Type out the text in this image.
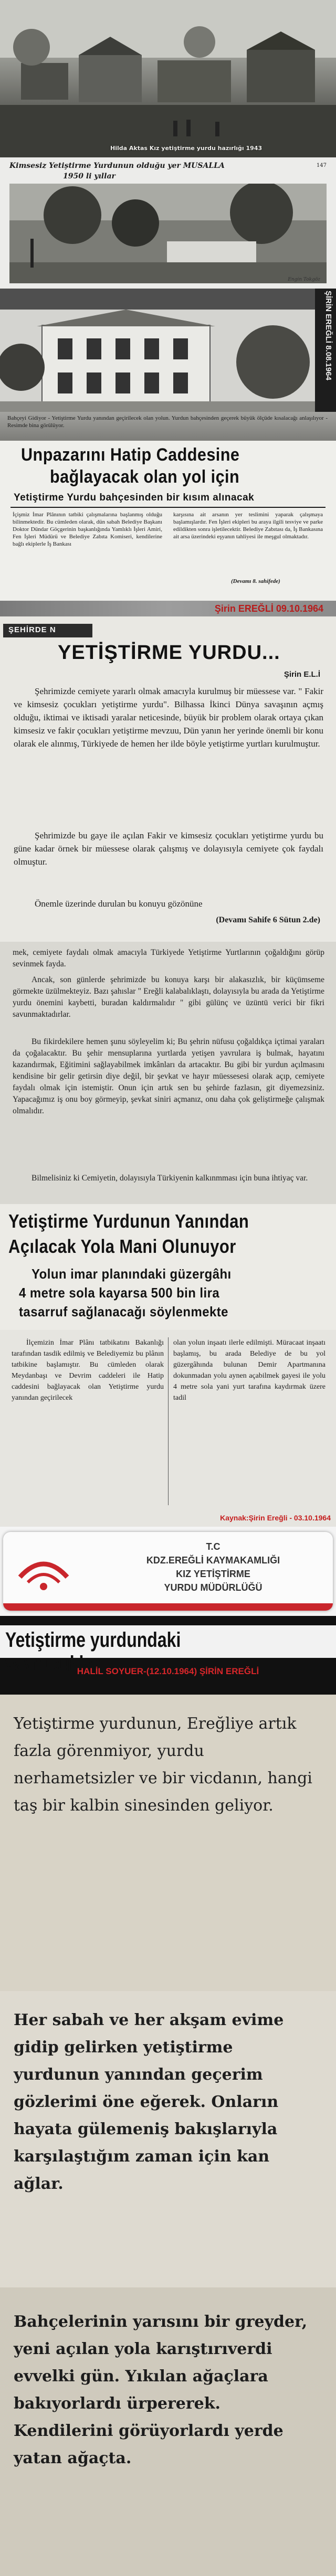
Hilda Aktas Kız yetiştirme yurdu hazırlığı 1943
Kimsesiz Yetiştirme Yurdunun olduğu yer MUSALLA
1950 li yıllar
147
Engin Tokgöz
ŞİRİN EREĞLİ 8.08.1964
Bahçeyi Gidiyor - Yetiştirme Yurdu yanından geçirilecek olan yolun. Yurdun bahçesinden geçerek büyük ölçüde kısalacağı anlaşılıyor - Resimde bina görülüyor.
Unpazarını Hatip Caddesine
bağlayacak olan yol için
Yetiştirme Yurdu bahçesinden bir kısım alınacak
İçişmiz İmar Plânının tatbiki çalışmalarına başlanmış olduğu bilinmektedir. Bu cümleden olarak, dün sabah Belediye Başkanı Doktor Dündar Göçgerinin başkanlığında Yamlıklı İşleri Amiri, Fen İşleri Müdürü ve Belediye Zabıta Komiseri, kendilerine bağlı ekiplerle İş Bankası
karşısına ait arsanın yer teslimini yaparak çalışmaya başlamışlardır. Fen İşleri ekipleri bu araya ilgili tesviye ve parke edildikten sonra işletilecektir. Belediye Zabıtası da, İş Bankasına ait arsa üzerindeki eşyanın tahliyesi ile meşgul olmaktadır.
(Devamı 8. sahifede)
Şirin EREĞLİ 09.10.1964
ŞEHİRDE N
YETİŞTİRME YURDU...
Şirin E.L.İ
Şehrimizde cemiyete yararlı olmak amacıyla kurulmuş bir müessese var. " Fakir ve kimsesiz çocukları yetiştirme yurdu". Bilhassa İkinci Dünya savaşının açmış olduğu, iktimai ve iktisadi yaralar neticesinde, büyük bir problem olarak ortaya çıkan kimsesiz ve fakir çocukları yetiştirme mevzuu, Dün yanın her yerinde önemli bir konu olarak ele alınmış, Türkiyede de hemen her ilde böyle yetiştirme yurtları kurulmuştur.
Şehrimizde bu gaye ile açılan Fakir ve kimsesiz çocukları yetiştirme yurdu bu güne kadar örnek bir müessese olarak çalışmış ve dolayısıyla cemiyete çok faydalı olmuştur.
Önemle üzerinde durulan bu konuyu gözönüne
(Devamı Sahife 6 Sütun 2.de)
mek, cemiyete faydalı olmak amacıyla Türkiyede Yetiştirme Yurtlarının çoğaldığını görüp sevinmek fayda.
Ancak, son günlerde şehrimizde bu konuya karşı bir alakasızlık, bir küçümseme görmekte üzülmekteyiz. Bazı şahıslar " Ereğli kalabalıklaştı, dolayısıyla bu arada da Yetiştirme yurdu önemini kaybetti, buradan kaldırmalıdır " gibi gülünç ve üzüntü verici bir fikri savunmaktadırlar.
Bu fikirdekilere hemen şunu söyleyelim ki; Bu şehrin nüfusu çoğaldıkça içtimai yaraları da çoğalacaktır. Bu şehir mensuplarına yurtlarda yetişen yavrulara iş bulmak, hayatını kazandırmak, Eğitimini sağlayabilmek imkânları da artacaktır. Bu gibi bir yurdun açılmasını kendisine bir gelir getirsin diye değil, bir şevkat ve hayır müessesesi olarak açıp, cemiyete faydalı olmak için istemiştir. Onun için artık sen bu şehirde fazlasın, git diyemezsiniz. Yapacağımız iş onu boy görmeyip, şevkat siniri açmanız, onu daha çok geliştirmeğe çalışmak olmalıdır.
Bilmelisiniz ki Cemiyetin, dolayısıyla Türkiyenin kalkınmması için buna ihtiyaç var.
Yetiştirme Yurdunun Yanından
Açılacak Yola Mani Olunuyor
Yolun imar planındaki güzergâhı
4 metre sola kayarsa 500 bin lira
tasarruf sağlanacağı söylenmekte
İlçemizin İmar Plânı tatbikatını Bakanlığı tarafından tasdik edilmiş ve Belediyemiz bu plânın tatbikine başlamıştır. Bu cümleden olarak Meydanbaşı ve Devrim caddeleri ile Hatip caddesini bağlayacak olan Yetiştirme yurdu yanından geçirilecek
olan yolun inşaatı ilerle edilmişti. Müracaat inşaatı başlamış, bu arada Belediye de bu yol güzergâhında bulunan Demir Apartmanına dokunmadan yolu aynen açabilmek gayesi ile yolu 4 metre sola yani yurt tarafına kaydırmak üzere tadil
Kaynak:Şirin Ereğli - 03.10.1964
T.C
KDZ.EREĞLİ KAYMAKAMLIĞI
KIZ YETİŞTİRME
YURDU MÜDÜRLÜĞÜ
Yetiştirme yurdundaki yavrucuklar
HALİL SOYUER-(12.10.1964) ŞİRİN EREĞLİ
Yetiştirme yurdunun, Ereğliye artık fazla görenmiyor, yurdu nerhametsizler ve bir vicdanın, hangi taş bir kalbin sinesinden geliyor.
Her sabah ve her akşam evime gidip gelirken yetiştirme yurdunun yanından geçerim gözlerimi öne eğerek. Onların hayata gülemeniş bakışlarıyla karşılaştığım zaman için kan ağlar.
Bahçelerinin yarısını bir greyder, yeni açılan yola karıştırıverdi evvelki gün. Yıkılan ağaçlara bakıyorlardı ürpererek. Kendilerini görüyorlardı yerde yatan ağaçta.
